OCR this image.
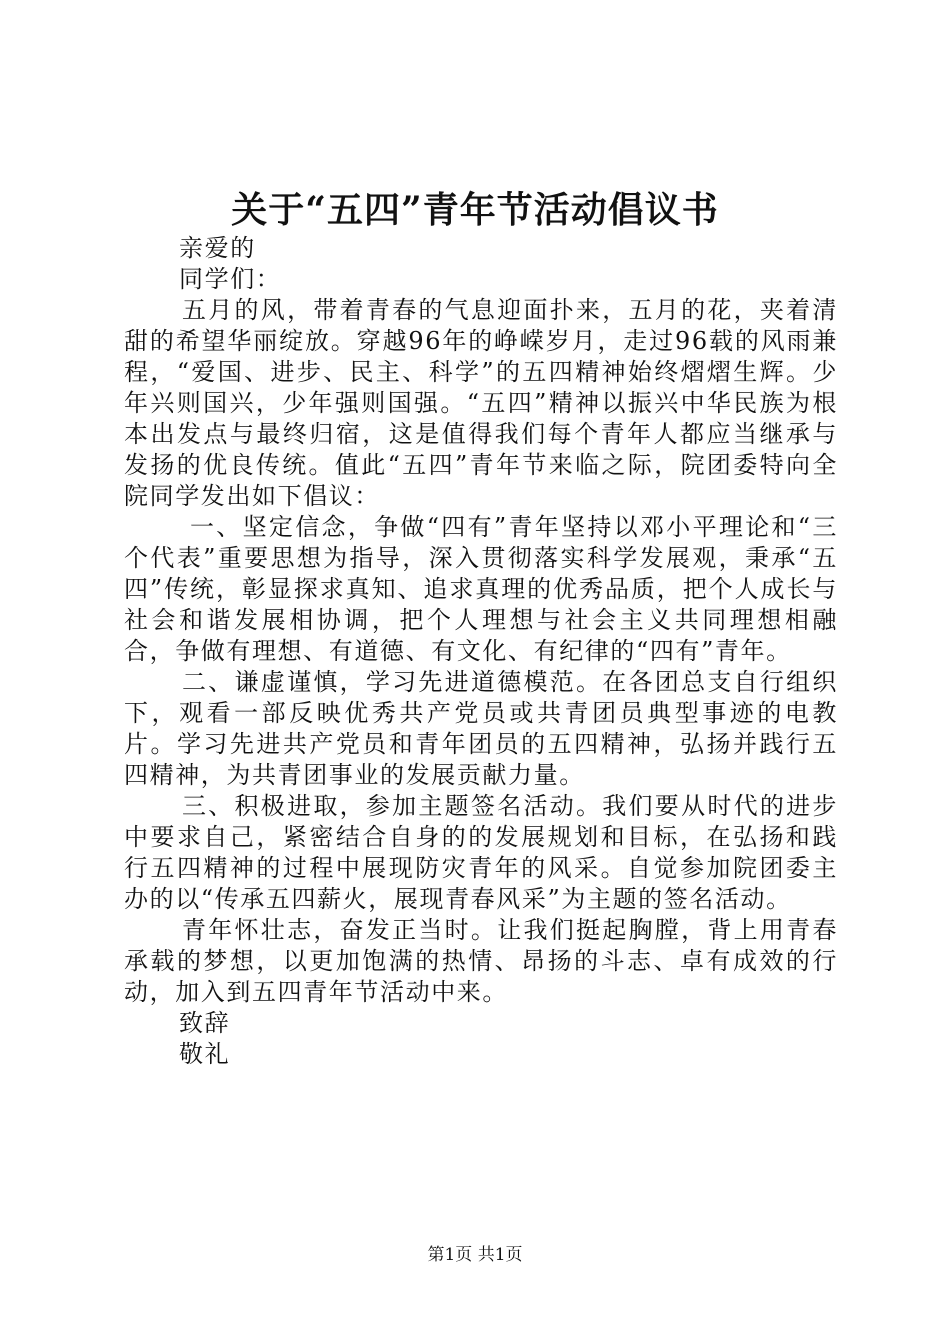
关于“五四”青年节活动倡议书

亲爱的

同学们：

五月的风，带着青春的气息迎面扑来，五月的花，夹着清甜的希望华丽绽放。穿越96年的峥嵘岁月，走过96载的风雨兼程，“爱国、进步、民主、科学”的五四精神始终熠熠生辉。少年兴则国兴，少年强则国强。“五四”精神以振兴中华民族为根本出发点与最终归宿，这是值得我们每个青年人都应当继承与发扬的优良传统。值此“五四”青年节来临之际，院团委特向全院同学发出如下倡议：

一、坚定信念，争做“四有”青年坚持以邓小平理论和“三个代表”重要思想为指导，深入贯彻落实科学发展观，秉承“五四”传统，彰显探求真知、追求真理的优秀品质，把个人成长与社会和谐发展相协调，把个人理想与社会主义共同理想相融合，争做有理想、有道德、有文化、有纪律的“四有”青年。

二、谦虚谨慎，学习先进道德模范。在各团总支自行组织下，观看一部反映优秀共产党员或共青团员典型事迹的电教片。学习先进共产党员和青年团员的五四精神，弘扬并践行五四精神，为共青团事业的发展贡献力量。

三、积极进取，参加主题签名活动。我们要从时代的进步中要求自己，紧密结合自身的的发展规划和目标，在弘扬和践行五四精神的过程中展现防灾青年的风采。自觉参加院团委主办的以“传承五四薪火，展现青春风采”为主题的签名活动。

青年怀壮志，奋发正当时。让我们挺起胸膛，背上用青春承载的梦想，以更加饱满的热情、昂扬的斗志、卓有成效的行动，加入到五四青年节活动中来。

致辞

敬礼

第1页 共1页
